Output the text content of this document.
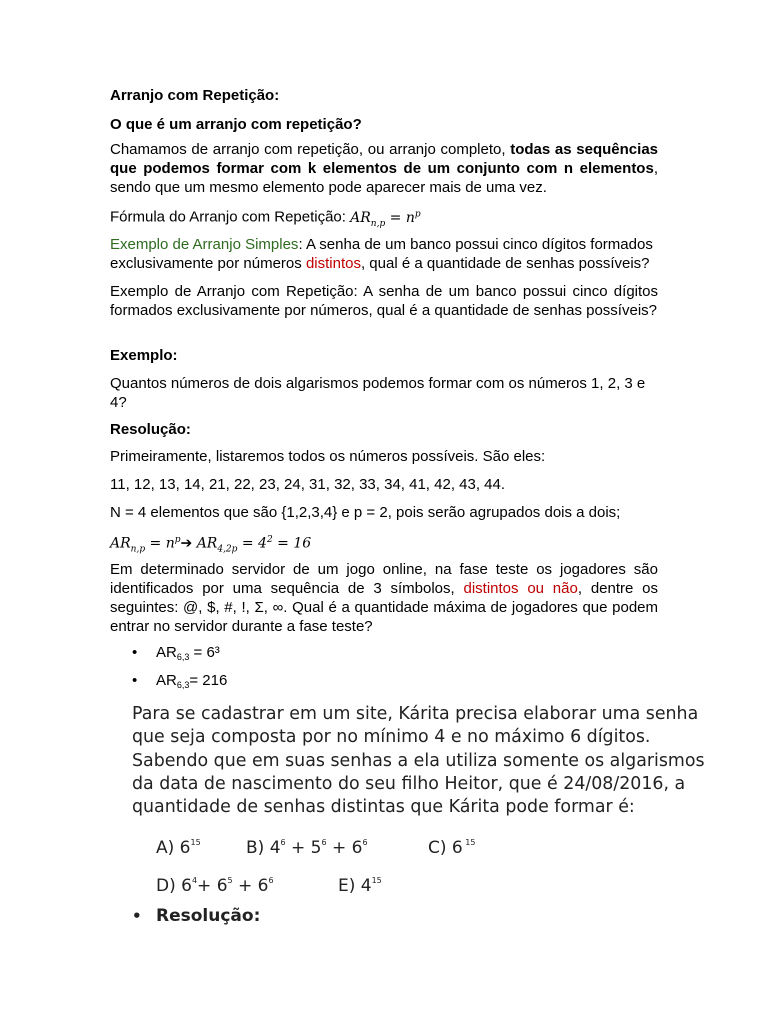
Arranjo com Repetição:
O que é um arranjo com repetição?

Chamamos de arranjo com repetição, ou arranjo completo, todas as sequências que podemos formar com k elementos de um conjunto com n elementos, sendo que um mesmo elemento pode aparecer mais de uma vez.

Fórmula do Arranjo com Repetição: $AR_{n,p} = n^p$

Exemplo de Arranjo Simples: A senha de um banco possui cinco dígitos formados exclusivamente por números distintos, qual é a quantidade de senhas possíveis?

Exemplo de Arranjo com Repetição: A senha de um banco possui cinco dígitos formados exclusivamente por números, qual é a quantidade de senhas possíveis?

Exemplo:

Quantos números de dois algarismos podemos formar com os números 1, 2, 3 e 4?

Resolução:
Primeiramente, listaremos todos os números possíveis. São eles:
11, 12, 13, 14, 21, 22, 23, 24, 31, 32, 33, 34, 41, 42, 43, 44.
N = 4 elementos que são {1,2,3,4} e p = 2, pois serão agrupados dois a dois;
$AR_{n,p}$ = $n^p➔$ $AR_{4,2p} = 4^2 = 16$

Em determinado servidor de um jogo online, na fase teste os jogadores são identificados por uma sequência de 3 símbolos, distintos ou não, dentre os seguintes: @, $, #, !, Σ, ∞. Qual é a quantidade máxima de jogadores que podem entrar no servidor durante a fase teste?

• $AR_{6,3} = 6^3$
• $AR_{6,3}= 216$

Para se cadastrar em um site, Kárita precisa elaborar uma senha que seja composta por no mínimo 4 e no máximo 6 dígitos. Sabendo que em suas senhas a ela utiliza somente os algarismos da data de nascimento do seu filho Heitor, que é 24/08/2016, a quantidade de senhas distintas que Kárita pode formar é:

A) $6^{15}$	B) $4^6 + 5^6 + 6^6$	C) 6 $^{15}$
D) $6^4+ 6^5 + 6^6$	E) $4^{15}$
• Resolução:
